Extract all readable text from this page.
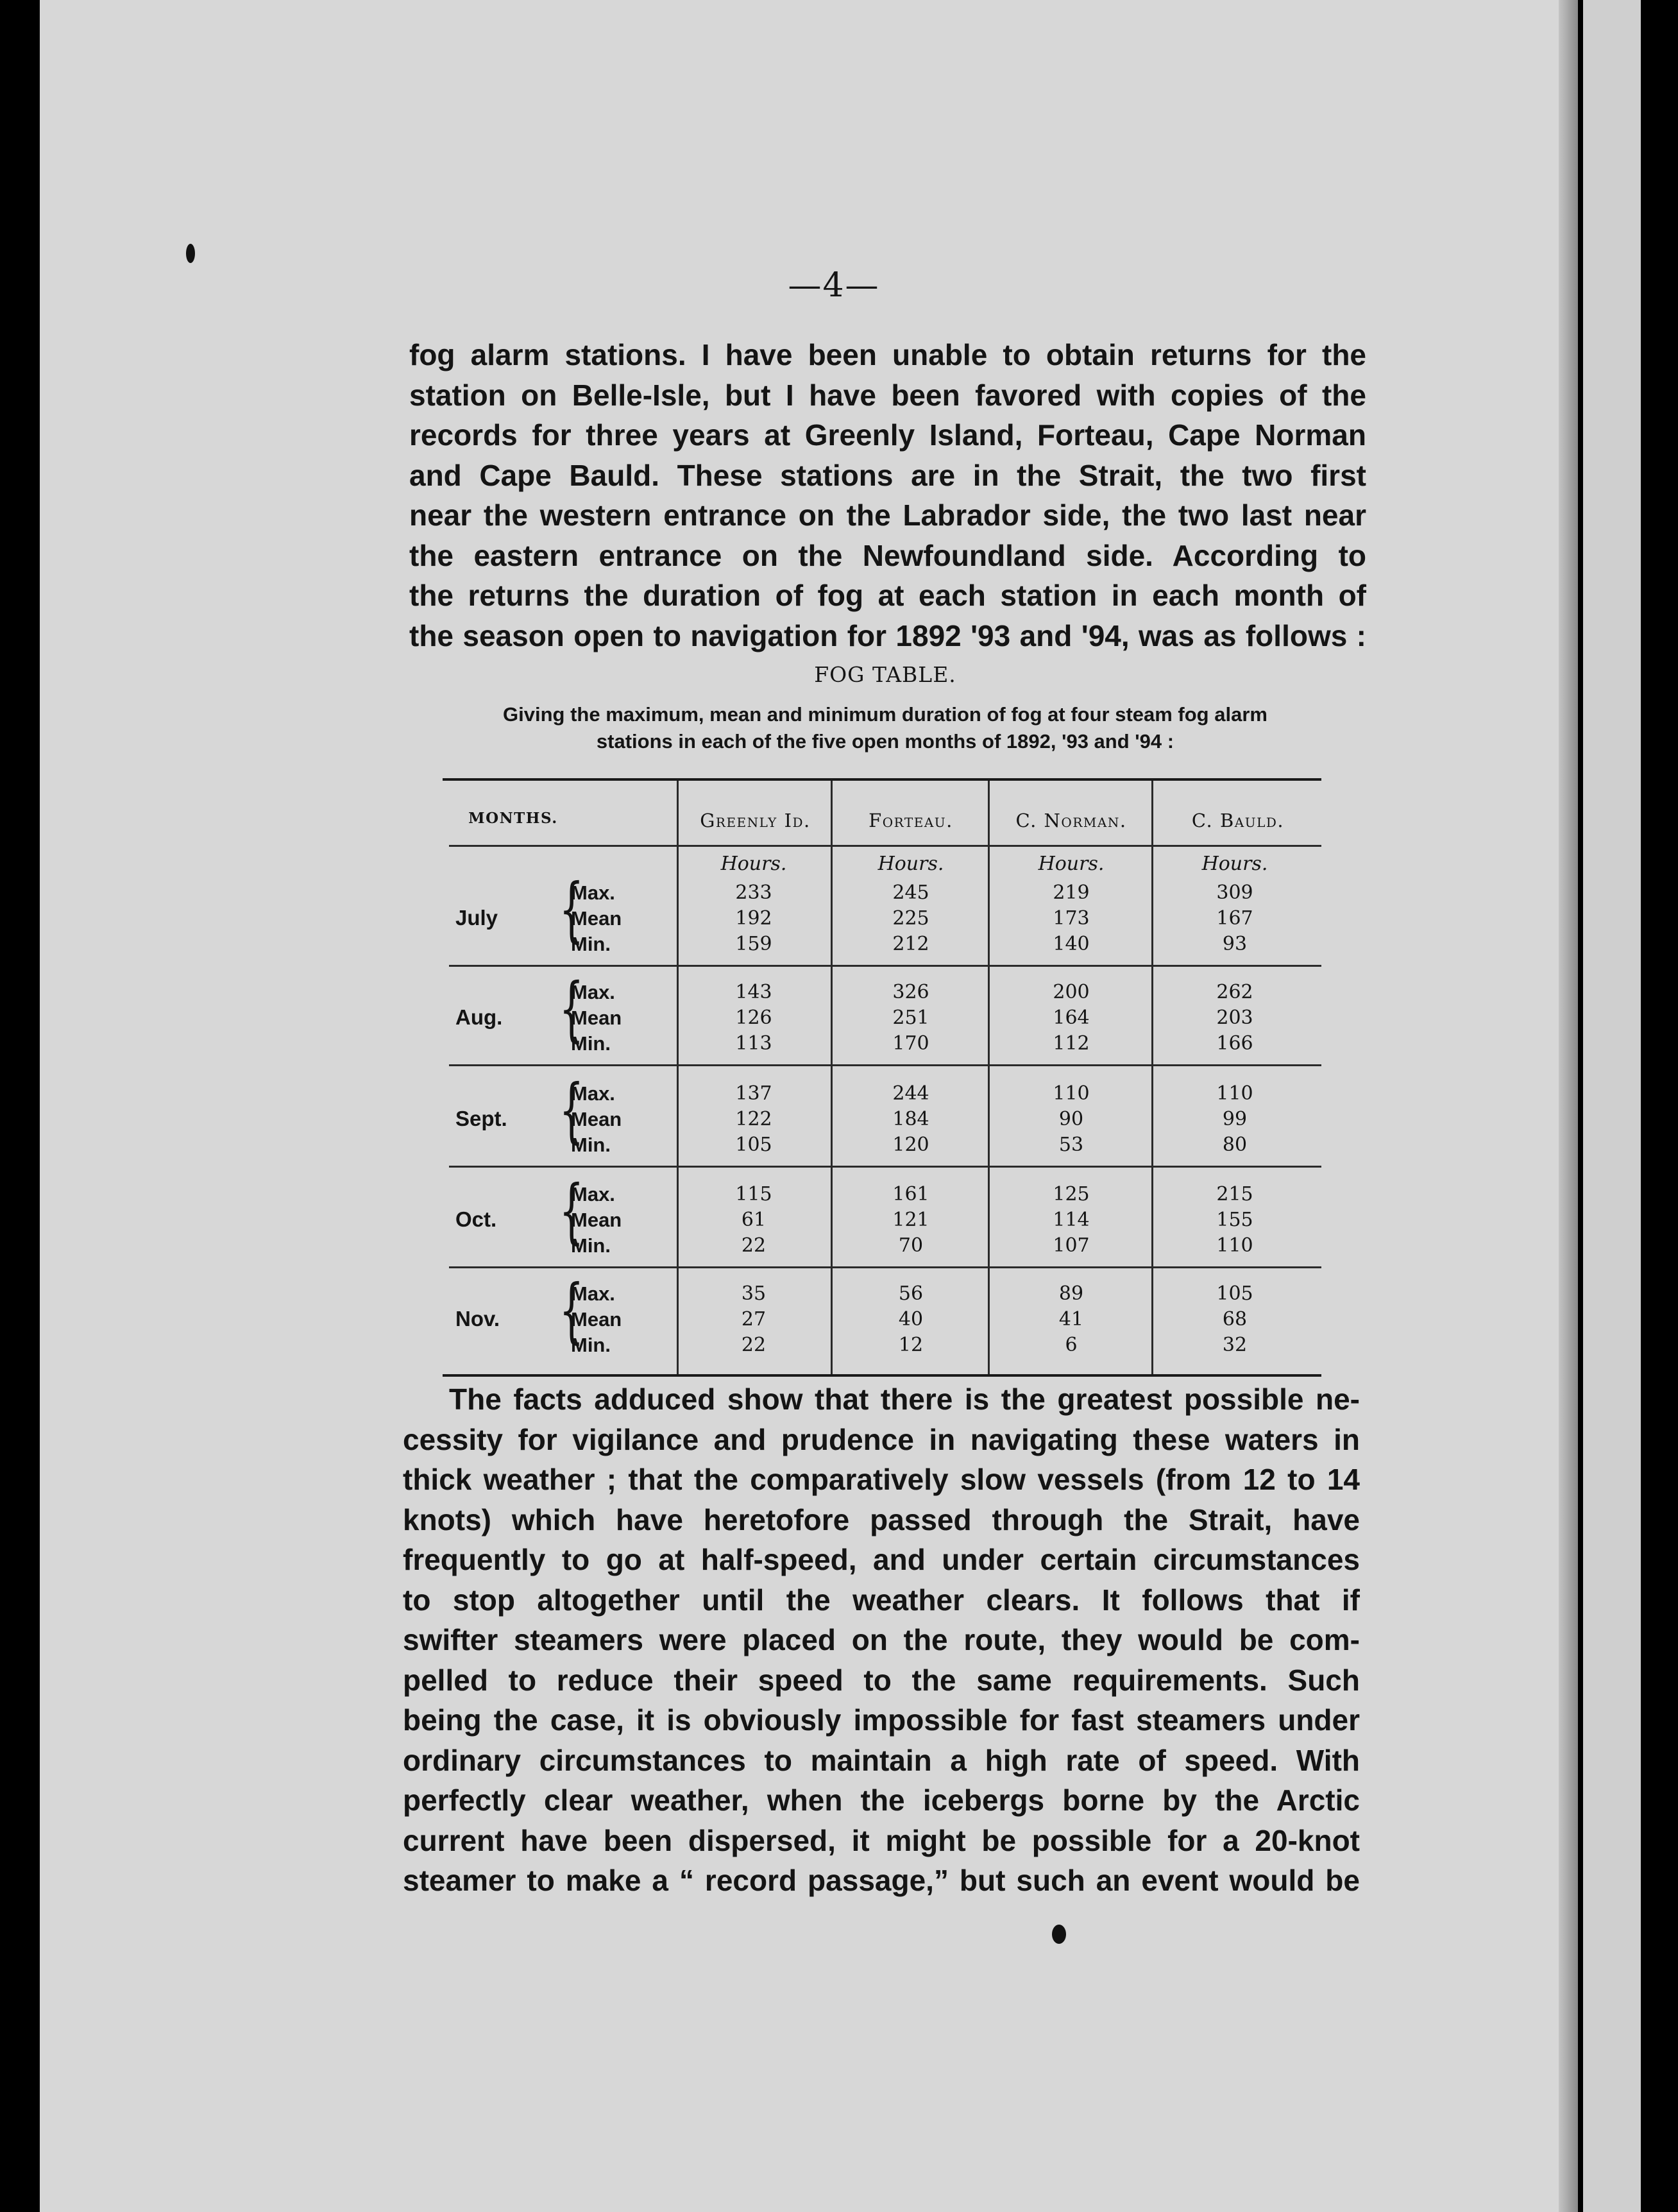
—4—

fog alarm stations. I have been unable to obtain returns for the
station on Belle-Isle, but I have been favored with copies of the
records for three years at Greenly Island, Forteau, Cape Norman
and Cape Bauld. These stations are in the Strait, the two first
near the western entrance on the Labrador side, the two last near
the eastern entrance on the Newfoundland side. According to
the returns the duration of fog at each station in each month of
the season open to navigation for 1892 '93 and '94, was as follows :

FOG TABLE.
Giving the maximum, mean and minimum duration of fog at four steam fog alarm
stations in each of the five open months of 1892, '93 and '94 :
MONTHS.	Greenly Id.	Forteau.	C. Norman.	C. Bauld.
Hours.	Hours.	Hours.	Hours.
July {
Max.	233	245	219	309
Mean	192	225	173	167
Min.	159	212	140	93
Aug. {
Max.	143	326	200	262
Mean	126	251	164	203
Min.	113	170	112	166
Sept. {
Max.	137	244	110	110
Mean	122	184	90	99
Min.	105	120	53	80
Oct. {
Max.	115	161	125	215
Mean	61	121	114	155
Min.	22	70	107	110
Nov. {
Max.	35	56	89	105
Mean	27	40	41	68
Min.	22	12	6	32

The facts adduced show that there is the greatest possible ne-
cessity for vigilance and prudence in navigating these waters in
thick weather ; that the comparatively slow vessels (from 12 to 14
knots) which have heretofore passed through the Strait, have
frequently to go at half-speed, and under certain circumstances
to stop altogether until the weather clears. It follows that if
swifter steamers were placed on the route, they would be com-
pelled to reduce their speed to the same requirements. Such
being the case, it is obviously impossible for fast steamers under
ordinary circumstances to maintain a high rate of speed. With
perfectly clear weather, when the icebergs borne by the Arctic
current have been dispersed, it might be possible for a 20-knot
steamer to make a “ record passage,” but such an event would be
